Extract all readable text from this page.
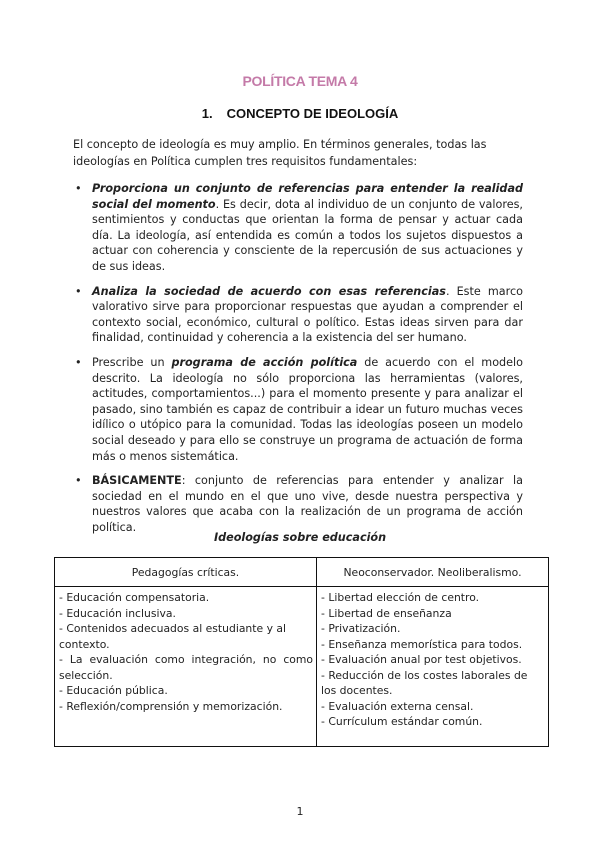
POLÍTICA TEMA 4
1. CONCEPTO DE IDEOLOGÍA

El concepto de ideología es muy amplio. En términos generales, todas las ideologías en Política cumplen tres requisitos fundamentales:

• Proporciona un conjunto de referencias para entender la realidad social del momento. Es decir, dota al individuo de un conjunto de valores, sentimientos y conductas que orientan la forma de pensar y actuar cada día. La ideología, así entendida es común a todos los sujetos dispuestos a actuar con coherencia y consciente de la repercusión de sus actuaciones y de sus ideas.
• Analiza la sociedad de acuerdo con esas referencias. Este marco valorativo sirve para proporcionar respuestas que ayudan a comprender el contexto social, económico, cultural o político. Estas ideas sirven para dar finalidad, continuidad y coherencia a la existencia del ser humano.
• Prescribe un programa de acción política de acuerdo con el modelo descrito. La ideología no sólo proporciona las herramientas (valores, actitudes, comportamientos...) para el momento presente y para analizar el pasado, sino también es capaz de contribuir a idear un futuro muchas veces idílico o utópico para la comunidad. Todas las ideologías poseen un modelo social deseado y para ello se construye un programa de actuación de forma más o menos sistemática.
• BÁSICAMENTE: conjunto de referencias para entender y analizar la sociedad en el mundo en el que uno vive, desde nuestra perspectiva y nuestros valores que acaba con la realización de un programa de acción política.
Ideologías sobre educación
Pedagogías críticas.	Neoconservador. Neoliberalismo.

- Educación compensatoria.
- Educación inclusiva.
- Contenidos adecuados al estudiante y al contexto.
- La evaluación como integración, no como selección.
- Educación pública.
- Reflexión/comprensión y memorización.

- Libertad elección de centro.
- Libertad de enseñanza
- Privatización.
- Enseñanza memorística para todos.
- Evaluación anual por test objetivos.
- Reducción de los costes laborales de los docentes.
- Evaluación externa censal.
- Currículum estándar común.
1
